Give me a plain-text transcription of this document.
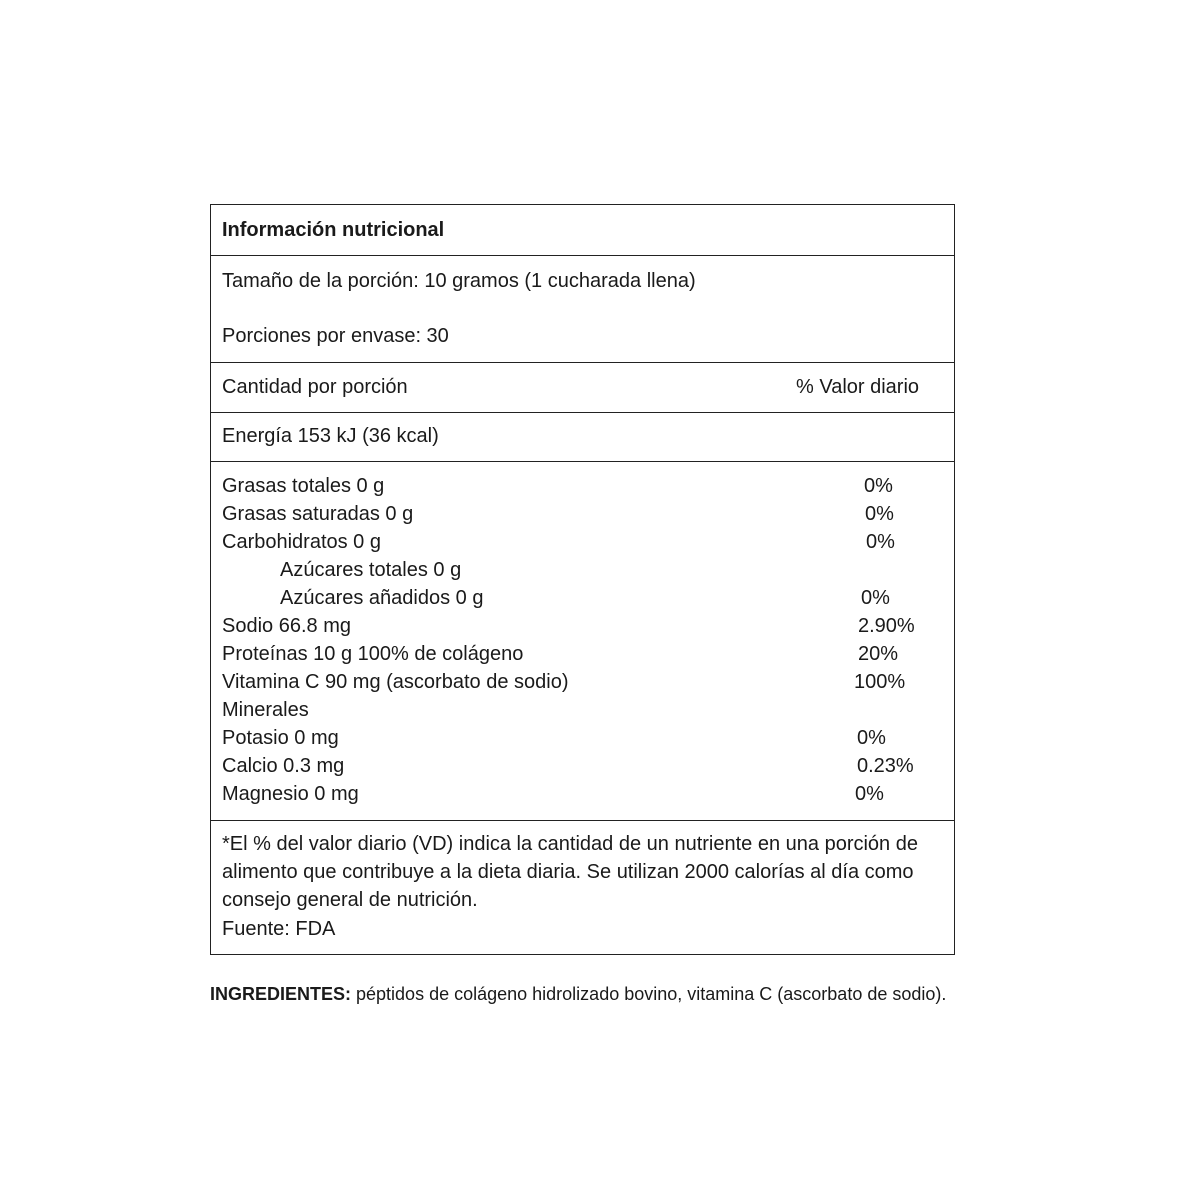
Información nutricional
Tamaño de la porción: 10 gramos (1 cucharada llena)
Porciones por envase: 30
Cantidad por porción	% Valor diario
Energía 153 kJ (36 kcal)
Grasas totales 0 g	0%
Grasas saturadas 0 g	0%
Carbohidratos 0 g	0%
Azúcares totales 0 g
Azúcares añadidos 0 g	0%
Sodio 66.8 mg	2.90%
Proteínas 10 g 100% de colágeno	20%
Vitamina C 90 mg (ascorbato de sodio)	100%
Minerales
Potasio 0 mg	0%
Calcio 0.3 mg	0.23%
Magnesio 0 mg	0%
*El % del valor diario (VD) indica la cantidad de un nutriente en una porción de alimento que contribuye a la dieta diaria. Se utilizan 2000 calorías al día como consejo general de nutrición.
Fuente: FDA
INGREDIENTES: péptidos de colágeno hidrolizado bovino, vitamina C (ascorbato de sodio).
